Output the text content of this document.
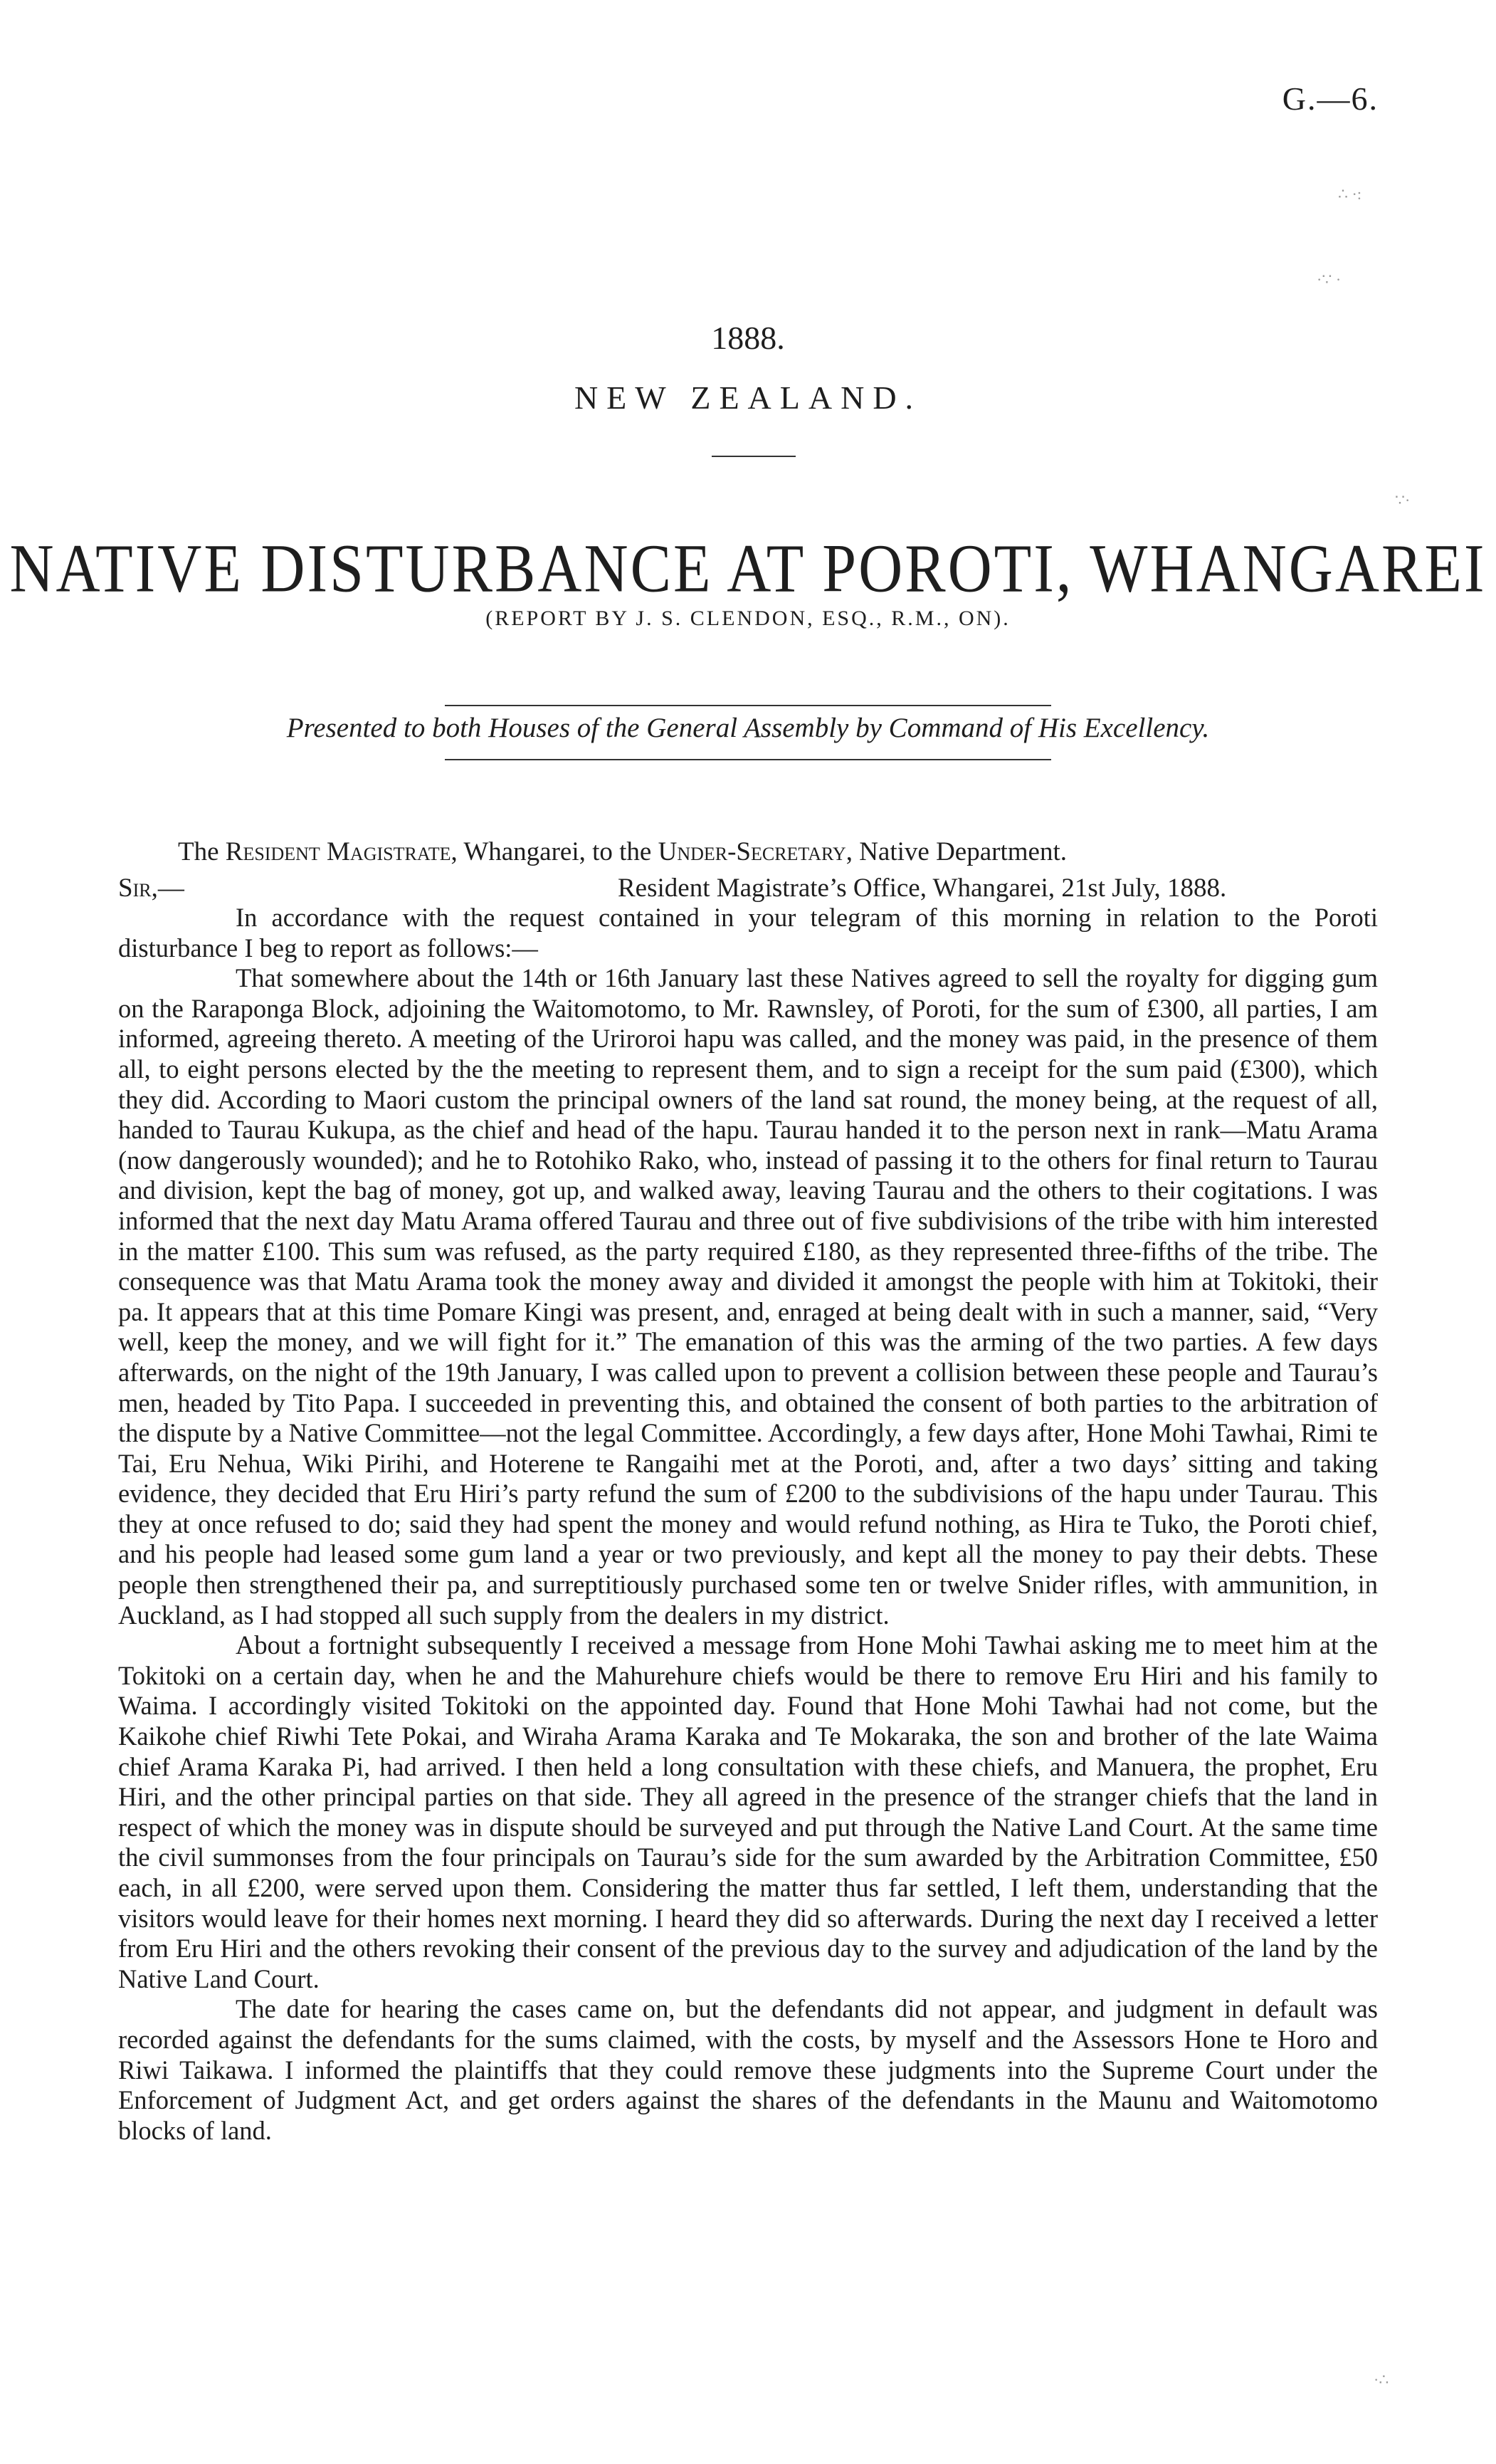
G.—6.
1888.
NEW ZEALAND.
NATIVE DISTURBANCE AT POROTI, WHANGAREI
(REPORT BY J. S. CLENDON, ESQ., R.M., ON).
Presented to both Houses of the General Assembly by Command of His Excellency.
The Resident Magistrate, Whangarei, to the Under-Secretary, Native Department.
Sir,—	Resident Magistrate’s Office, Whangarei, 21st July, 1888.

In accordance with the request contained in your telegram of this morning in relation to the Poroti disturbance I beg to report as follows:—

That somewhere about the 14th or 16th January last these Natives agreed to sell the royalty for digging gum on the Raraponga Block, adjoining the Waitomotomo, to Mr. Rawnsley, of Poroti, for the sum of £300, all parties, I am informed, agreeing thereto. A meeting of the Uriroroi hapu was called, and the money was paid, in the presence of them all, to eight persons elected by the the meeting to represent them, and to sign a receipt for the sum paid (£300), which they did. According to Maori custom the principal owners of the land sat round, the money being, at the request of all, handed to Taurau Kukupa, as the chief and head of the hapu. Taurau handed it to the person next in rank—Matu Arama (now dangerously wounded); and he to Rotohiko Rako, who, instead of passing it to the others for final return to Taurau and division, kept the bag of money, got up, and walked away, leaving Taurau and the others to their cogitations. I was informed that the next day Matu Arama offered Taurau and three out of five subdivisions of the tribe with him interested in the matter £100. This sum was refused, as the party required £180, as they represented three-fifths of the tribe. The consequence was that Matu Arama took the money away and divided it amongst the people with him at Tokitoki, their pa. It appears that at this time Pomare Kingi was present, and, enraged at being dealt with in such a manner, said, “Very well, keep the money, and we will fight for it.” The emanation of this was the arming of the two parties. A few days afterwards, on the night of the 19th January, I was called upon to prevent a collision between these people and Taurau’s men, headed by Tito Papa. I succeeded in preventing this, and obtained the consent of both parties to the arbitration of the dispute by a Native Committee—not the legal Committee. Accordingly, a few days after, Hone Mohi Tawhai, Rimi te Tai, Eru Nehua, Wiki Pirihi, and Hoterene te Rangaihi met at the Poroti, and, after a two days’ sitting and taking evidence, they decided that Eru Hiri’s party refund the sum of £200 to the subdivisions of the hapu under Taurau. This they at once refused to do; said they had spent the money and would refund nothing, as Hira te Tuko, the Poroti chief, and his people had leased some gum land a year or two previously, and kept all the money to pay their debts. These people then strengthened their pa, and surreptitiously purchased some ten or twelve Snider rifles, with ammunition, in Auckland, as I had stopped all such supply from the dealers in my district.

About a fortnight subsequently I received a message from Hone Mohi Tawhai asking me to meet him at the Tokitoki on a certain day, when he and the Mahurehure chiefs would be there to remove Eru Hiri and his family to Waima. I accordingly visited Tokitoki on the appointed day. Found that Hone Mohi Tawhai had not come, but the Kaikohe chief Riwhi Tete Pokai, and Wiraha Arama Karaka and Te Mokaraka, the son and brother of the late Waima chief Arama Karaka Pi, had arrived. I then held a long consultation with these chiefs, and Manuera, the prophet, Eru Hiri, and the other principal parties on that side. They all agreed in the presence of the stranger chiefs that the land in respect of which the money was in dispute should be surveyed and put through the Native Land Court. At the same time the civil summonses from the four principals on Taurau’s side for the sum awarded by the Arbitration Committee, £50 each, in all £200, were served upon them. Considering the matter thus far settled, I left them, understanding that the visitors would leave for their homes next morning. I heard they did so afterwards. During the next day I received a letter from Eru Hiri and the others revoking their consent of the previous day to the survey and adjudication of the land by the Native Land Court.

The date for hearing the cases came on, but the defendants did not appear, and judgment in default was recorded against the defendants for the sums claimed, with the costs, by myself and the Assessors Hone te Horo and Riwi Taikawa. I informed the plaintiffs that they could remove these judgments into the Supreme Court under the Enforcement of Judgment Act, and get orders against the shares of the defendants in the Maunu and Waitomotomo blocks of land.

∴ ·:
·∵ ·
∵·
·∴
